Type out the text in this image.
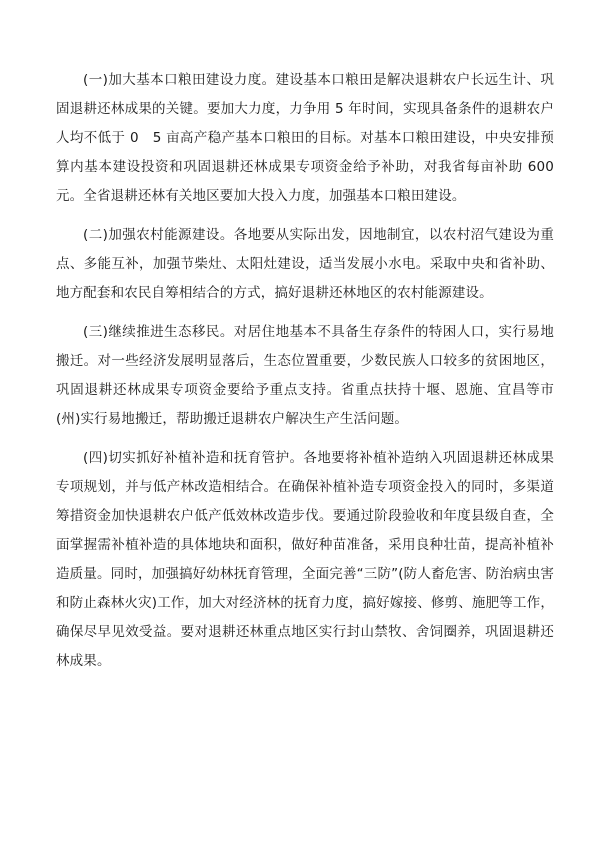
(一)加大基本口粮田建设力度。建设基本口粮田是解决退耕农户长远生计、巩固退耕还林成果的关键。要加大力度，力争用 5 年时间，实现具备条件的退耕农户人均不低于 0　5 亩高产稳产基本口粮田的目标。对基本口粮田建设，中央安排预算内基本建设投资和巩固退耕还林成果专项资金给予补助，对我省每亩补助 600 元。全省退耕还林有关地区要加大投入力度，加强基本口粮田建设。

(二)加强农村能源建设。各地要从实际出发，因地制宜，以农村沼气建设为重点、多能互补，加强节柴灶、太阳灶建设，适当发展小水电。采取中央和省补助、地方配套和农民自筹相结合的方式，搞好退耕还林地区的农村能源建设。

(三)继续推进生态移民。对居住地基本不具备生存条件的特困人口，实行易地搬迁。对一些经济发展明显落后，生态位置重要，少数民族人口较多的贫困地区，巩固退耕还林成果专项资金要给予重点支持。省重点扶持十堰、恩施、宜昌等市(州)实行易地搬迁，帮助搬迁退耕农户解决生产生活问题。

(四)切实抓好补植补造和抚育管护。各地要将补植补造纳入巩固退耕还林成果专项规划，并与低产林改造相结合。在确保补植补造专项资金投入的同时，多渠道筹措资金加快退耕农户低产低效林改造步伐。要通过阶段验收和年度县级自查，全面掌握需补植补造的具体地块和面积，做好种苗准备，采用良种壮苗，提高补植补造质量。同时，加强搞好幼林抚育管理，全面完善“三防”(防人畜危害、防治病虫害和防止森林火灾)工作，加大对经济林的抚育力度，搞好嫁接、修剪、施肥等工作，确保尽早见效受益。要对退耕还林重点地区实行封山禁牧、舍饲圈养，巩固退耕还林成果。
